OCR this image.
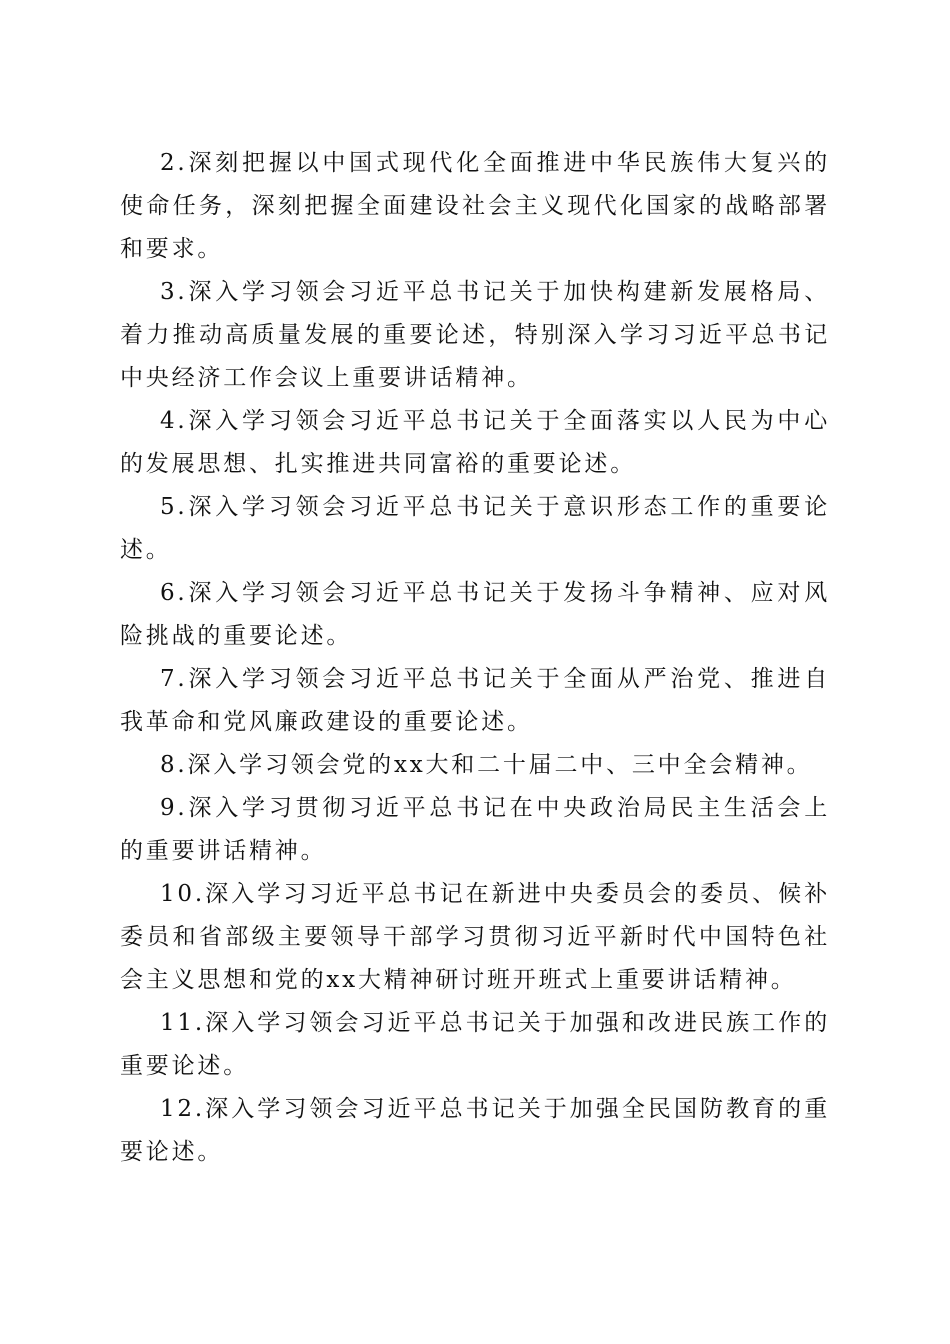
2.深刻把握以中国式现代化全面推进中华民族伟大复兴的使命任务，深刻把握全面建设社会主义现代化国家的战略部署和要求。

3.深入学习领会习近平总书记关于加快构建新发展格局、着力推动高质量发展的重要论述，特别深入学习习近平总书记中央经济工作会议上重要讲话精神。

4.深入学习领会习近平总书记关于全面落实以人民为中心的发展思想、扎实推进共同富裕的重要论述。

5.深入学习领会习近平总书记关于意识形态工作的重要论述。

6.深入学习领会习近平总书记关于发扬斗争精神、应对风险挑战的重要论述。

7.深入学习领会习近平总书记关于全面从严治党、推进自我革命和党风廉政建设的重要论述。

8.深入学习领会党的xx大和二十届二中、三中全会精神。

9.深入学习贯彻习近平总书记在中央政治局民主生活会上的重要讲话精神。

10.深入学习习近平总书记在新进中央委员会的委员、候补委员和省部级主要领导干部学习贯彻习近平新时代中国特色社会主义思想和党的xx大精神研讨班开班式上重要讲话精神。

11.深入学习领会习近平总书记关于加强和改进民族工作的重要论述。

12.深入学习领会习近平总书记关于加强全民国防教育的重要论述。
